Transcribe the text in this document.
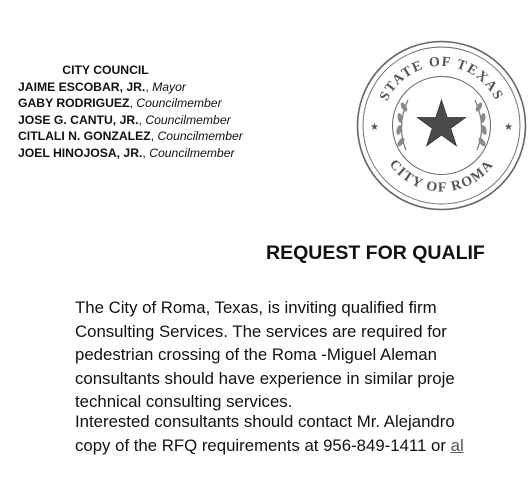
CITY COUNCIL
JAIME ESCOBAR, JR., Mayor
GABY RODRIGUEZ, Councilmember
JOSE G. CANTU, JR., Councilmember
CITLALI N. GONZALEZ, Councilmember
JOEL HINOJOSA, JR., Councilmember
STATE OF TEXAS
CITY OF ROMA
★	★
REQUEST FOR QUALIF
The City of Roma, Texas, is inviting qualified firm
Consulting Services. The services are required for
pedestrian crossing of the Roma -Miguel Aleman
consultants should have experience in similar proje
technical consulting services.
Interested consultants should contact Mr. Alejandro
copy of the RFQ requirements at 956-849-1411 or al
